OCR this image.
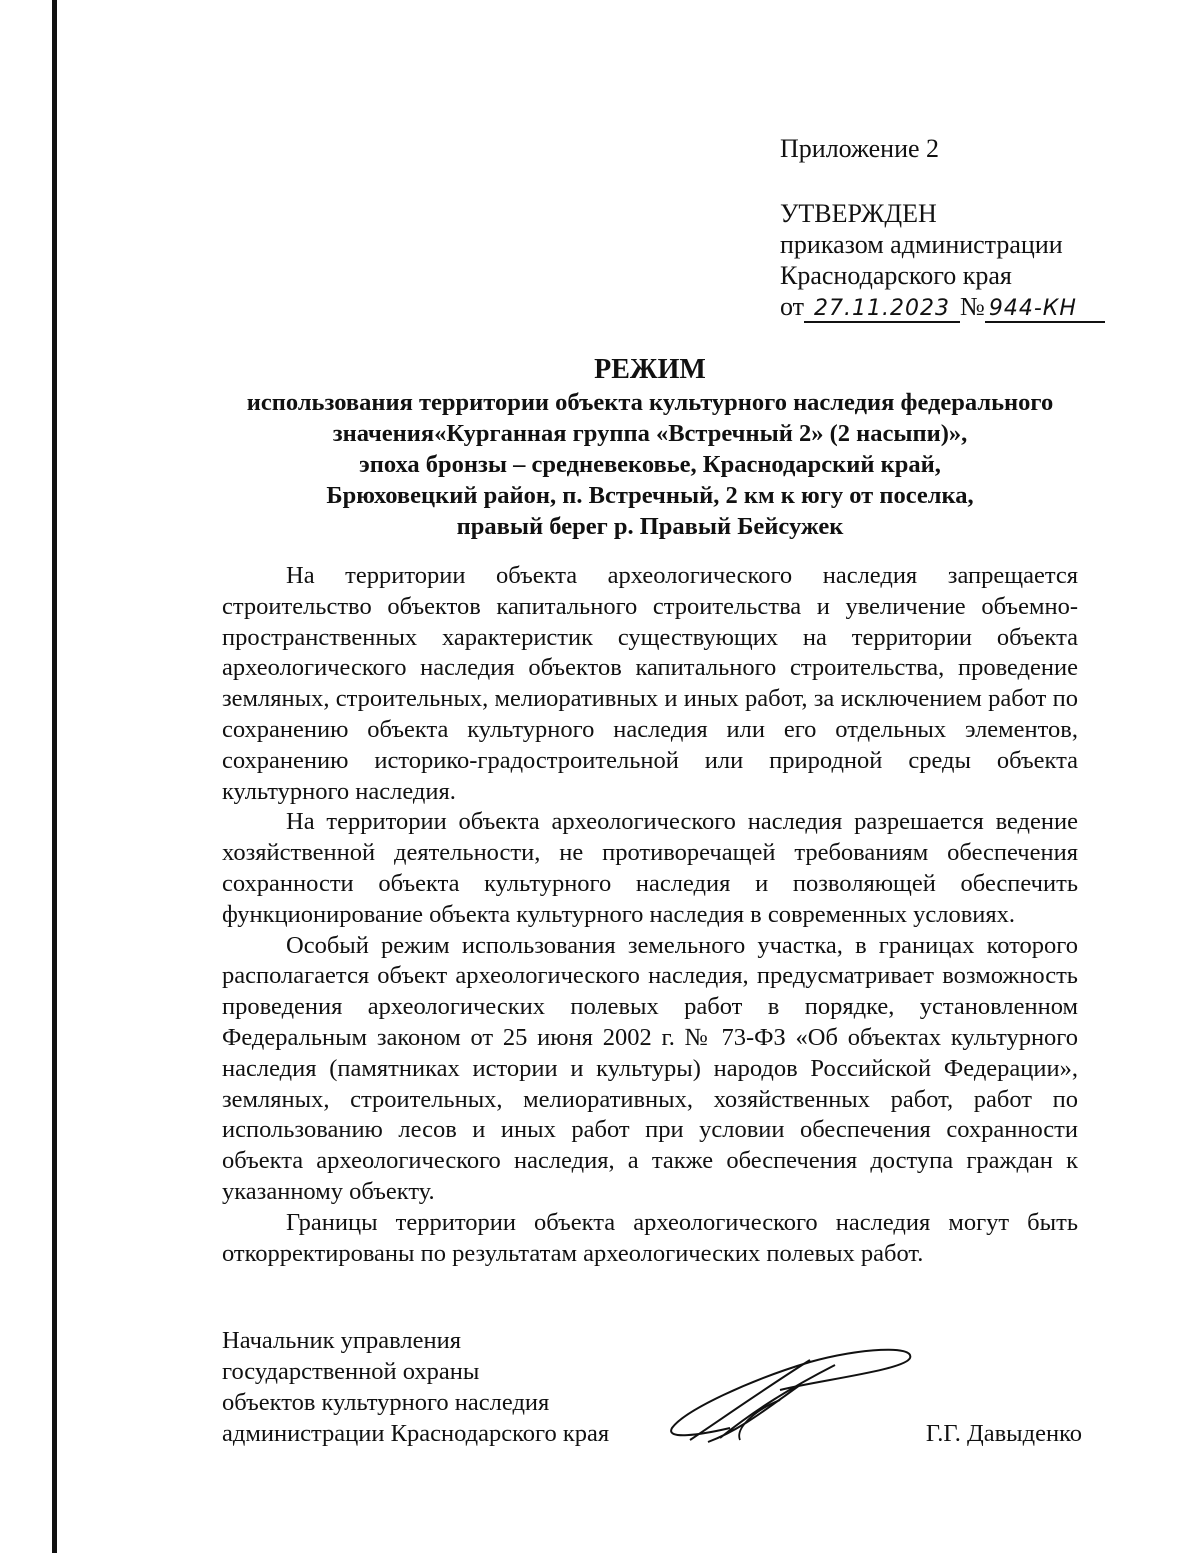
Приложение 2
УТВЕРЖДЕН
приказом администрации
Краснодарского края
от 27.11.2023 № 944-КН
РЕЖИМ
использования территории объекта культурного наследия федерального
значения«Курганная группа «Встречный 2» (2 насыпи)»,
эпоха бронзы – средневековье, Краснодарский край,
Брюховецкий район, п. Встречный, 2 км к югу от поселка,
правый берег р. Правый Бейсужек

На территории объекта археологического наследия запрещается строительство объектов капитального строительства и увеличение объемно-пространственных характеристик существующих на территории объекта археологического наследия объектов капитального строительства, проведение земляных, строительных, мелиоративных и иных работ, за исключением работ по сохранению объекта культурного наследия или его отдельных элементов, сохранению историко-градостроительной или природной среды объекта культурного наследия.

На территории объекта археологического наследия разрешается ведение хозяйственной деятельности, не противоречащей требованиям обеспечения сохранности объекта культурного наследия и позволяющей обеспечить функционирование объекта культурного наследия в современных условиях.

Особый режим использования земельного участка, в границах которого располагается объект археологического наследия, предусматривает возможность проведения археологических полевых работ в порядке, установленном Федеральным законом от 25 июня 2002 г. № 73-ФЗ «Об объектах культурного наследия (памятниках истории и культуры) народов Российской Федерации», земляных, строительных, мелиоративных, хозяйственных работ, работ по использованию лесов и иных работ при условии обеспечения сохранности объекта археологического наследия, а также обеспечения доступа граждан к указанному объекту.

Границы территории объекта археологического наследия могут быть откорректированы по результатам археологических полевых работ.

Начальник управления
государственной охраны
объектов культурного наследия
администрации Краснодарского края	Г.Г. Давыденко
